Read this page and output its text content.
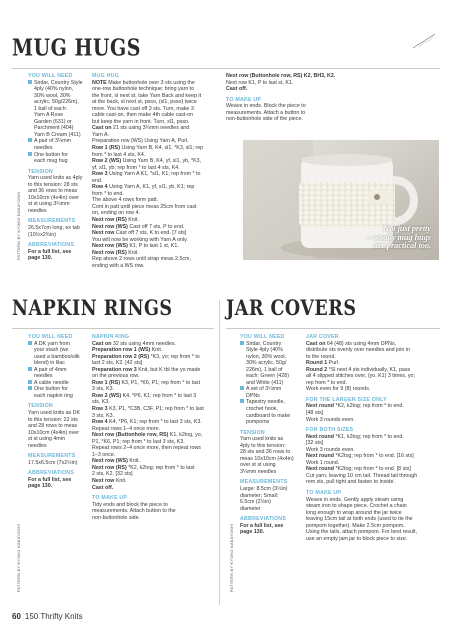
MUG HUGS
YOU WILL NEED
Sirdar, Country Style
4ply (40% nylon,
30% wool, 30%
acrylic, 50g/226m),
1 ball of each:
Yarn A Rose
Garden (631) or
Parchment (404)
Yarn B Cream (411)
A pair of 3¼mm
needles
One button for
each mug hug
TENSION
Yarn used knits as 4ply
to this tension: 28 sts
and 36 rows to meas
10x10cm (4x4in) over
st st using 3¼mm
needles
MEASUREMENTS
26.5x7cm long, ex tab
(10½x2¾in)
ABBREVIATIONS
For a full list, see
page 130.
PATTERN BY KYOKO NAKAYOSHI
MUG HUG
NOTE Make buttonhole over 3 sts using the
one-row buttonhole technique: bring yarn to
the front, sl next st, take Yarn Back and keep it
at the back, sl next st, psso, (sl1, psso) twice
more. You have cast off 3 sts. Turn, make 3
cable cast-on, then make 4th cable cast-on
but keep the yarn in front. Turn, sl1, psso.
Cast on 21 sts using 3¼mm needles and
Yarn A.
Preparation row (WS) Using Yarn A, Purl.
Row 1 (RS) Using Yarn B, K4, sl1, *K3, sl1; rep
from * to last 4 sts, K4.
Row 2 (WS) Using Yarn B, K4, yf, sl1, yb, *K3,
yf, sl1, yb; rep from * to last 4 sts, K4.
Row 3 Using Yarn A K1, *sl1, K1; rep from * to
end.
Row 4 Using Yarn A, K1, yf, sl1, yb, K1; rep
from * to end.
The above 4 rows form patt.
Cont in patt until piece meas 25cm from cast
on, ending on row 4.
Next row (RS) Knit.
Next row (WS) Cast off 7 sts, P to end.
Next row Cast off 7 sts, K to end. [7 sts]
You will now be working with Yarn A only.
Next row (WS) K1, P to last 1 st, K1.
Next row (RS) Knit.
Rep above 2 rows until strap meas 2.5cm,
ending with a WS row.
Next row (Buttonhole row, RS) K2, BH3, K2.
Next row K1, P to last st, K1.
Cast off.
TO MAKE UP
Weave in ends. Block the piece to
measurements. Attach a button to
non-buttonhole side of the piece.
Not just pretty
– woolly mug hugs
are practical too.
NAPKIN RINGS
YOU WILL NEED
A DK yarn from
your stash (we
used a bamboo/silk
blend) in lilac
A pair of 4mm
needles
A cable needle
One button for
each napkin ring
TENSION
Yarn used knits as DK
to this tension: 22 sts
and 28 rows to meas
10x10cm (4x4in) over
st st using 4mm
needles
MEASUREMENTS
17.5x6.5cm (7x2½in)
ABBREVIATIONS
For a full list, see
page 130.
PATTERN BY KYOKO NAKAYOSHI
NAPKIN RING
Cast on 32 sts using 4mm needles.
Preparation row 1 (WS) Knit.
Preparation row 2 (RS) *K3, yo; rep from * to
last 2 sts, K2. [42 sts]
Preparation row 3 Knit, but K tbl the yo made
on the previous row.
Row 1 (RS) K3, P1, *K6, P1; rep from * to last
3 sts, K3.
Row 2 (WS) K4, *P6, K1; rep from * to last 3
sts, K3.
Row 3 K3, P1, *C3B, C3F, P1; rep from * to last
3 sts, K3.
Row 4 K4, *P6, K1; rep from * to last 3 sts, K3.
Repeat rows 1–4 once more.
Next row (Buttonhole row, RS) K1, k2tog, yo,
P1, *K6, P1; rep from * to last 3 sts, K3.
Repeat rows 2–4 once more, then repeat rows
1–3 once.
Next row (WS) Knit.
Next row (RS) *K2, k2tog; rep from * to last
2 sts, K2. [32 sts]
Next row Knit.
Cast off.
TO MAKE UP
Tidy ends and block the piece to
measurements. Attach button to the
non-buttonhole side.
JAR COVERS
YOU WILL NEED
Sirdar, Country
Style 4ply (40%
nylon, 30% wool,
30% acrylic, 50g/
226m), 1 ball of
each: Green (428)
and White (411)
A set of 3¼mm
DPNs
Tapestry needle,
crochet hook,
cardboard to make
pompoms
TENSION
Yarn used knits as
4ply to this tension:
28 sts and 36 rows to
meas 10x10cm (4x4in)
over st st using
3¼mm needles
MEASUREMENTS
Large: 8.5cm (3½in)
diameter; Small:
6.5cm (2½in)
diameter
ABBREVIATIONS
For a full list, see
page 130.
PATTERN BY KYOKO NAKAYOSHI
JAR COVER
Cast on 64 (48) sts using 4mm DPNs,
distribute sts evenly over needles and join in
to the round.
Round 1 Purl.
Round 2 *Sl next 4 sts individually, K1, pass
all 4 slipped stitches over, (yo, K1) 3 times, yo;
rep from * to end.
Work even for 9 (8) rounds.
FOR THE LARGER SIZE ONLY
Next round *K2, k2tog; rep from * to end.
[48 sts]
Work 3 rounds even.
FOR BOTH SIZES
Next round *K1, k2tog; rep from * to end.
[32 sts]
Work 3 rounds even.
Next round *K2tog; rep from * to end. [16 sts]
Work 1 round.
Next round *K2tog; rep from * to end. [8 sts]
Cut yarn, leaving 10 cm tail. Thread tail through
rem sts, pull tight and fasten to inside.
TO MAKE UP
Weave in ends. Gently apply steam using
steam iron to shape piece. Crochet a chain
long enough to wrap around the jar twice
leaving 15cm tail at both ends (used to tie the
pompom together). Make 2.5cm pompom.
Using the tails, attach pompom. For best result,
use an empty jam jar to block piece to size.
60 150 Thrifty Knits
